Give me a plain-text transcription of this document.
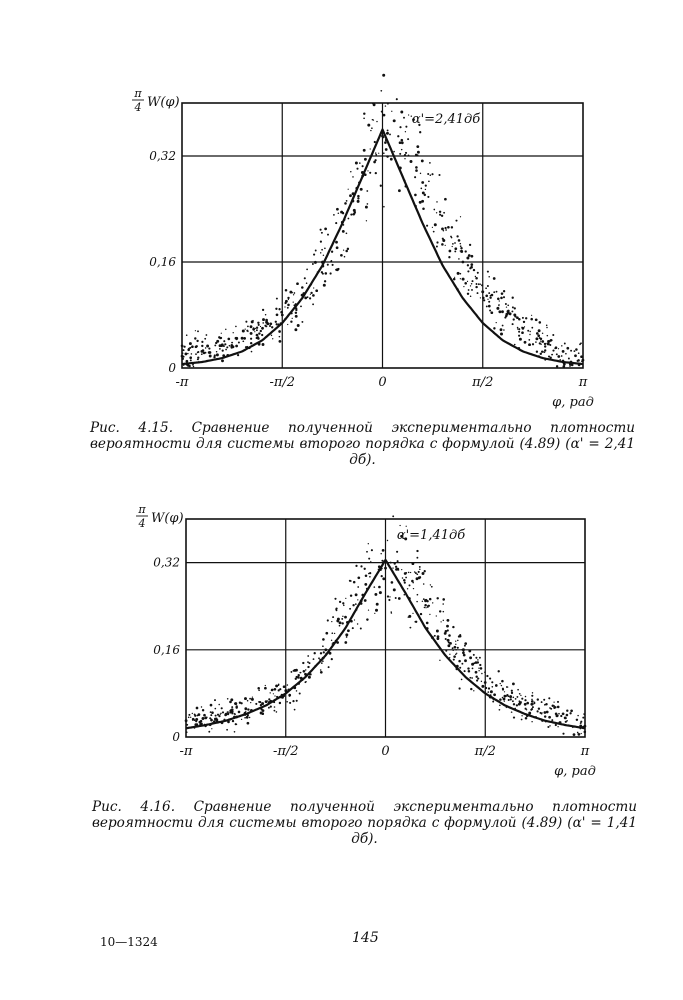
0
0,16
0,32
-π	-π/2	0	π/2	π
φ, рад
π
4 W(φ)
α'=2,41дб
Рис. 4.15. Сравнение полученной экспериментально плотности вероятности для системы второго порядка с формулой (4.89) (α' = 2,41 дб).
0
0,16
0,32
-π	-π/2	0	π/2	π
φ, рад
π
4 W(φ)
α'=1,41дб
Рис. 4.16. Сравнение полученной экспериментально плотности вероятности для системы второго порядка с формулой (4.89) (α' = 1,41 дб).
10—1324	145
